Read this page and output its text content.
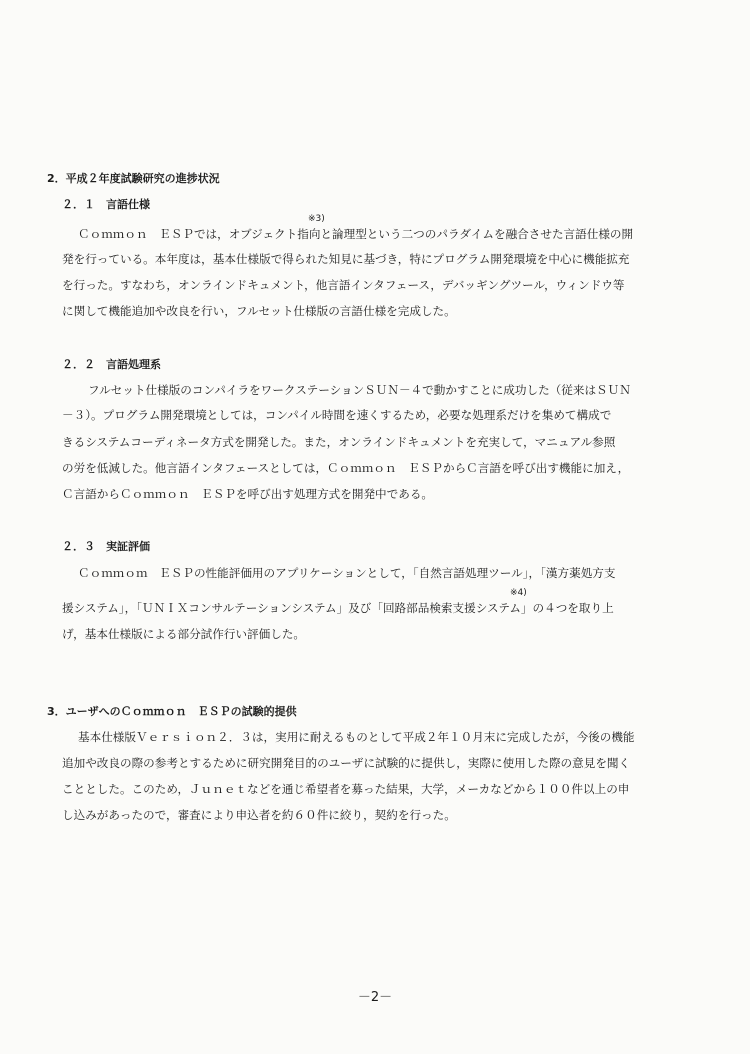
2．平成２年度試験研究の進捗状況
２．１　言語仕様
※3)
Ｃｏｍｍｏｎ　ＥＳＰでは，オブジェクト指向と論理型という二つのパラダイムを融合させた言語仕様の開
発を行っている。本年度は，基本仕様版で得られた知見に基づき，特にプログラム開発環境を中心に機能拡充
を行った。すなわち，オンラインドキュメント，他言語インタフェース，デバッギングツール，ウィンドウ等
に関して機能追加や改良を行い，フルセット仕様版の言語仕様を完成した。
２．２　言語処理系
フルセット仕様版のコンパイラをワークステーションＳＵＮ－４で動かすことに成功した（従来はＳＵＮ
－３）。プログラム開発環境としては，コンパイル時間を速くするため，必要な処理系だけを集めて構成で
きるシステムコーディネータ方式を開発した。また，オンラインドキュメントを充実して，マニュアル参照
の労を低減した。他言語インタフェースとしては，Ｃｏｍｍｏｎ　ＥＳＰからＣ言語を呼び出す機能に加え，
Ｃ言語からＣｏｍｍｏｎ　ＥＳＰを呼び出す処理方式を開発中である。
２．３　実証評価
Ｃｏｍｍｏｍ　ＥＳＰの性能評価用のアプリケーションとして，「自然言語処理ツール」，「漢方薬処方支
※4)
援システム」，「ＵＮＩＸコンサルテーションシステム」及び「回路部品検索支援システム」の４つを取り上
げ，基本仕様版による部分試作行い評価した。
3．ユーザへのＣｏｍｍｏｎ　ＥＳＰの試験的提供
基本仕様版Ｖｅｒｓｉｏｎ２．３は，実用に耐えるものとして平成２年１０月末に完成したが，今後の機能
追加や改良の際の参考とするために研究開発目的のユーザに試験的に提供し，実際に使用した際の意見を聞く
こととした。このため，Ｊｕｎｅｔなどを通じ希望者を募った結果，大学，メーカなどから１００件以上の申
し込みがあったので，審査により申込者を約６０件に絞り，契約を行った。
－2－
